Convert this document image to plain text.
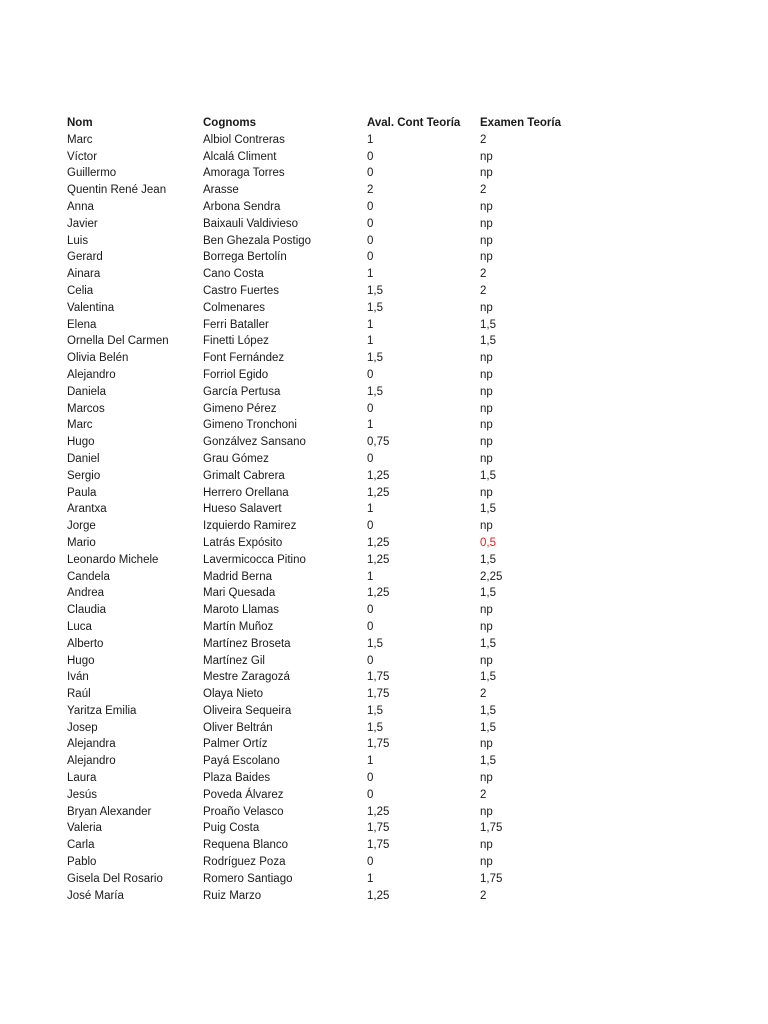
Nom	Cognoms	Aval. Cont Teoría	Examen Teoría
Marc	Albiol Contreras	1	2
Víctor	Alcalá Climent	0	np
Guillermo	Amoraga Torres	0	np
Quentin René Jean	Arasse	2	2
Anna	Arbona Sendra	0	np
Javier	Baixauli Valdivieso	0	np
Luis	Ben Ghezala Postigo	0	np
Gerard	Borrega Bertolín	0	np
Ainara	Cano Costa	1	2
Celia	Castro Fuertes	1,5	2
Valentina	Colmenares	1,5	np
Elena	Ferri Bataller	1	1,5
Ornella Del Carmen	Finetti López	1	1,5
Olivia Belén	Font Fernández	1,5	np
Alejandro	Forriol Egido	0	np
Daniela	García Pertusa	1,5	np
Marcos	Gimeno Pérez	0	np
Marc	Gimeno Tronchoni	1	np
Hugo	Gonzálvez Sansano	0,75	np
Daniel	Grau Gómez	0	np
Sergio	Grimalt Cabrera	1,25	1,5
Paula	Herrero Orellana	1,25	np
Arantxa	Hueso Salavert	1	1,5
Jorge	Izquierdo Ramirez	0	np
Mario	Latrás Expósito	1,25	0,5
Leonardo Michele	Lavermicocca Pitino	1,25	1,5
Candela	Madrid Berna	1	2,25
Andrea	Mari Quesada	1,25	1,5
Claudia	Maroto Llamas	0	np
Luca	Martín Muñoz	0	np
Alberto	Martínez Broseta	1,5	1,5
Hugo	Martínez Gil	0	np
Iván	Mestre Zaragozá	1,75	1,5
Raúl	Olaya Nieto	1,75	2
Yaritza Emilia	Oliveira Sequeira	1,5	1,5
Josep	Oliver Beltrán	1,5	1,5
Alejandra	Palmer Ortíz	1,75	np
Alejandro	Payá Escolano	1	1,5
Laura	Plaza Baides	0	np
Jesús	Poveda Álvarez	0	2
Bryan Alexander	Proaño Velasco	1,25	np
Valeria	Puig Costa	1,75	1,75
Carla	Requena Blanco	1,75	np
Pablo	Rodríguez Poza	0	np
Gisela Del Rosario	Romero Santiago	1	1,75
José María	Ruiz Marzo	1,25	2
